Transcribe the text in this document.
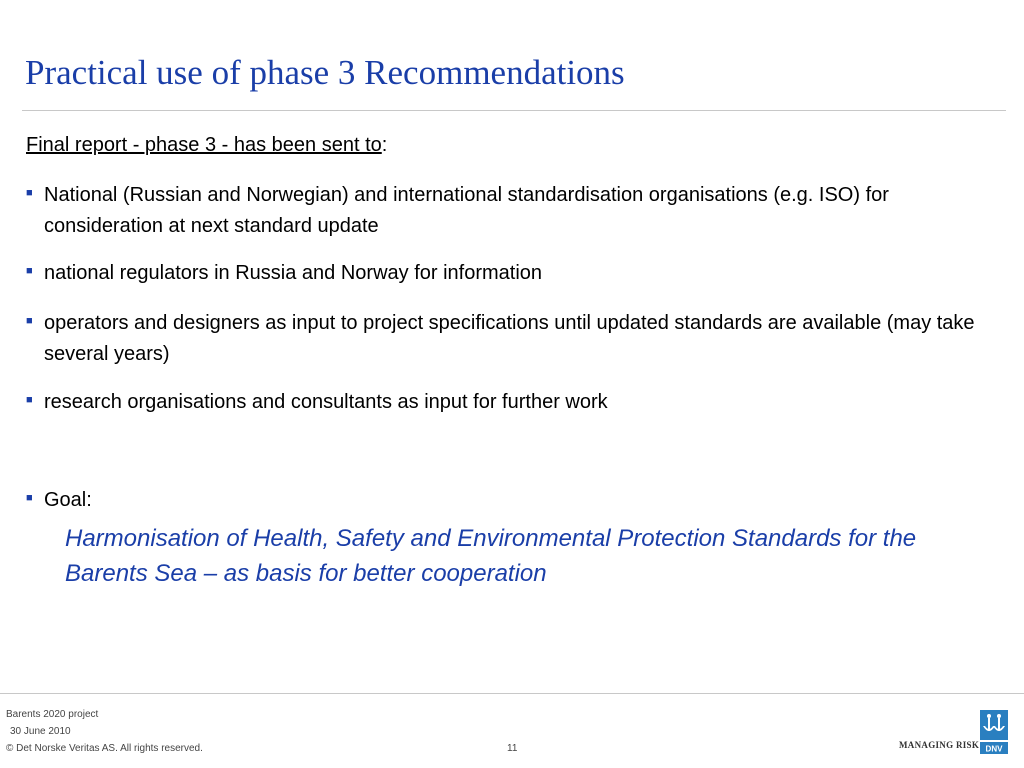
Practical use of phase 3 Recommendations
Final report - phase 3 - has been sent to:
■ National (Russian and Norwegian) and international standardisation organisations (e.g. ISO) for consideration at next standard update
■ national regulators in Russia and Norway for information
■ operators and designers as input to project specifications until updated standards are available (may take several years)
■ research organisations and consultants as input for further work
■ Goal:
Harmonisation of Health, Safety and Environmental Protection Standards for the Barents Sea – as basis for better cooperation
Barents 2020 project
30 June 2010
© Det Norske Veritas AS. All rights reserved.	11	MANAGING RISK DNV
